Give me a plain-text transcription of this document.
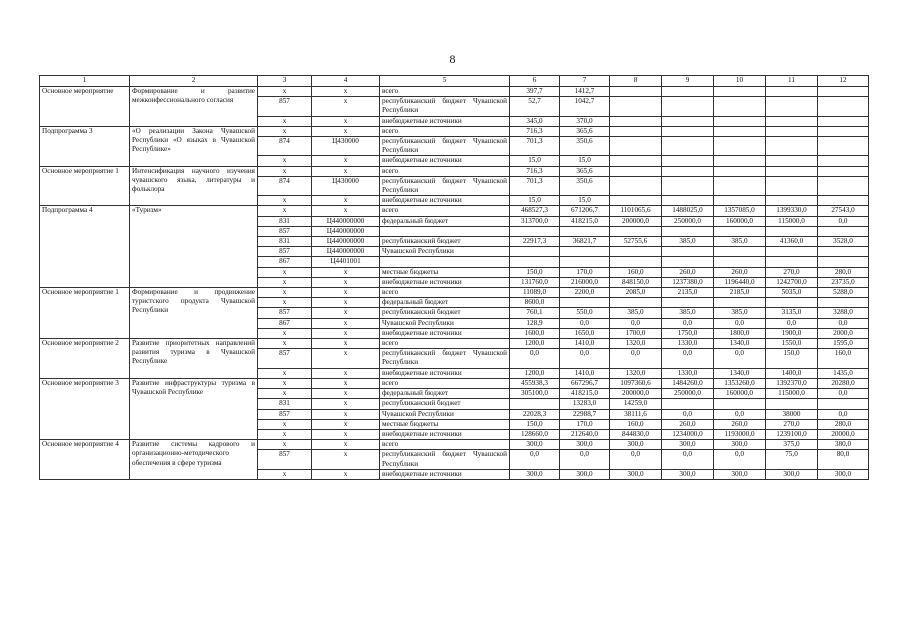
8
1	2	3	4	5	6	7	8	9	10	11	12
Основное мероприятие	Формирование и развитие межконфессионального согласия	x	x	всего	397,7	1412,7					
		857	x	республиканский бюджет Чувашской Республики	52,7	1042,7					
		x	x	внебюджетные источники	345,0	370,0					
Подпрограмма 3	«О реализации Закона Чувашской Республики «О языках в Чувашской Республике»	x	x	всего	716,3	365,6					
		874	Ц430000	республиканский бюджет Чувашской Республики	701,3	350,6					
		x	x	внебюджетные источники	15,0	15,0					
Основное мероприятие 1	Интенсификация научного изучения чувашского языка, литературы и фольклора	x	x	всего	716,3	365,6					
		874	Ц430000	республиканский бюджет Чувашской Республики	701,3	350,6					
		x	x	внебюджетные источники	15,0	15,0					
Подпрограмма 4	«Туризм»	x	x	всего	468527,3	671206,7	1101065,6	1488025,0	1357085,0	1399330,0	27543,0
		831	Ц440000000	федеральный бюджет	313700,0	418215,0	200000,0	250000,0	160000,0	115000,0	0,0
		857	Ц440000000								
		831	Ц440000000	республиканский бюджет	22917,3	36821,7	52755,6	385,0	385,0	41360,0	3528,0
		857	Ц440000000	Чувашской Республики							
		867	Ц4401001								
		x	x	местные бюджеты	150,0	170,0	160,0	260,0	260,0	270,0	280,0
		x	x	внебюджетные источники	131760,0	216000,0	848150,0	1237380,0	1196440,0	1242700,0	23735,0
Основное мероприятие 1	Формирование и продвижение туристского продукта Чувашской Республики	x	x	всего	11089,0	2200,0	2085,0	2135,0	2185,0	5035,0	5288,0
		x	x	федеральный бюджет	8600,0						
		857	x	республиканский бюджет	760,1	550,0	385,0	385,0	385,0	3135,0	3288,0
		867	x	Чувашской Республики	128,9	0,0	0,0	0,0	0,0	0,0	0,0
		x	x	внебюджетные источники	1600,0	1650,0	1700,0	1750,0	1800,0	1900,0	2000,0
Основное мероприятие 2	Развитие приоритетных направлений развития туризма в Чувашской Республике	x	x	всего	1200,0	1410,0	1320,0	1330,0	1340,0	1550,0	1595,0
		857	x	республиканский бюджет Чувашской Республики	0,0	0,0	0,0	0,0	0,0	150,0	160,0
		x	x	внебюджетные источники	1200,0	1410,0	1320,0	1330,0	1340,0	1400,0	1435,0
Основное мероприятие 3	Развитие инфраструктуры туризма в Чувашской Республике	x	x	всего	455938,3	667296,7	1097360,6	1484260,0	1353260,0	1392370,0	20280,0
		x	x	федеральный бюджет	305100,0	418215,0	200000,0	250000,0	160000,0	115000,0	0,0
		831	x	республиканский бюджет		13283,0	14259,0				
		857	x	Чувашской Республики	22028,3	22988,7	38111,6	0,0	0,0	38000	0,0
		x	x	местные бюджеты	150,0	170,0	160,0	260,0	260,0	270,0	280,0
		x	x	внебюджетные источники	128660,0	212640,0	844830,0	1234000,0	1193000,0	1239100,0	20000,0
Основное мероприятие 4	Развитие системы кадрового и организационно-методического обеспечения в сфере туризма	x	x	всего	300,0	300,0	300,0	300,0	300,0	375,0	380,0
		857	x	республиканский бюджет Чувашской Республики	0,0	0,0	0,0	0,0	0,0	75,0	80,0
		x	x	внебюджетные источники	300,0	300,0	300,0	300,0	300,0	300,0	300,0
